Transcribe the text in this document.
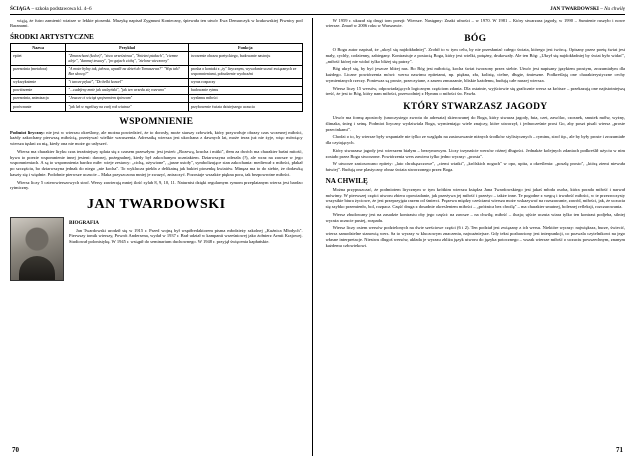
ŚCIĄGA – szkoła podstawowa kl. 4–6	JAN TWARDOWSKI – Na chwilę

wiąją, że futro zamienić wiatrze w lekkie piosenki. Muzykę napisał Zygmunt Konieczny, śpiewała ten utwór Ewa Demarczyk w krakowskiej Piwnicy pod Baranami.

ŚRODKI ARTYSTYCZNE
Nazwa	Przykład	Funkcja
epitet	"Zmarzchani (kolor)", "siwa wrześniowa", "Śnieżni ptakach", "ciemne aleje", "danmej tesuwy", "po gajach cichą", "zielone wieczorny"	tworzenie obrazu poetyckiego, budowanie nastroju
przenośnia (metafora)	"A może bylny tak, jałowa, wpadli na dzień do Tomaszewa?" "Wąs tak? Bez skową?"	prosba o kontakt z „ty" lirycznym, wywołanie uczuć związanych ze wspomnieniami, pobudzenie wyobraźni
wykrzyknienie	"i tarcze pękać", "Do belki koncel"	wyraz rozpaczy
powtórzenie	"...cudzfeny mnie jak walzyński", "jak ten wrzeda się rozewno"	budowanie rytmu
przenośnia, animizacja	"Jeszcze ci wiciąż spojrzeniem śpiewam"	wyzłamu miłości
porównanie	"jak lek w mgeliszy na zwój rok wiatraz"	przybowenie świata dzisiejszego uczucia
WSPOMNIENIE

Podmiot liryczny: nie jest w wierszu określony, ale można powiedzieć, że to dorosły, może starszy człowiek, który przywołuje obrazy czas wczesnej miłości, każdy zakochany pierwszą miłością, przeżywać wielkie wzruszenia. Adresatką wiersza jest ukochana z dawnych lat, może teraz już nie żyje, więc mówiący wiersza tęskni za nią, kiedy ona nie może go usłyszeć.

Wiersz ma charakter liryku czas teraźniejszy splata się z czasem przeszłym: jest jesień: „Rozewą, krucha i mitki", tłem za dwóch ma charakter baśni mitość, bywa to poezie wspomnienie innej jesieni: dawnej, pożegnalnej, kiedy był zakochanym uczniakiem. Dziarwszyna odeszła (?), ale wraz na zawsze w jego wspomnieniach. A są to wspomnienia bardzo miłe: wieje zestawy: „cichą, ożywione", „jasne ustoły", symbolizujące stan zakochania: mediewał z miłości, płakał po szczęściu, bo dziarwszyna jednak do niego „nie kocha". To wyklucza piekła z delikatną jak bukiet piosenkę kwiatów. Minęza ma to do siebie, że dodawką kaszty się i więdnie. Podobnie pierwsze uczucie – Maka przyszczona mniej je zwazyć, zniszczyć. Pozostaje wszakże piękna pora, tak bezpowrotne miłości.

Wiersz liczy 5 czterowierszowych strof. Wersy zawierają mniej ilość sylab 8, 9, 10, 11. Naturnist dzięki regularnym rymom przeplatanym wiersz jest bardzo rytmiczny.

JAN TWARDOWSKI
BIOGRAFIA

Jan Twardowski urodził się w 1915 r. Przed wojną był współredaktorem pisma młodzieży szkolnej „Kuźnica Młodych". Pierwszy tomik wierszy, Powrót Andersena, wydał w 1937 r. Brał udział w kampanii wrześniowej jako żołnierz Armii Krajowej. Studiował polonistykę. W 1945 r. wstąpił do seminarium duchownego. W 1948 r. przyjął święcenia kapłańskie.

70

W 1959 r. ukazał się drugi tom poezji: Wiersze. Następny: Znaki ufności – w 1970. W 1981 – Który stwarzasz jagody, w 1990 – Sumienie ruszyło i nowe wiersze. Zmarł w 2006 roku w Warszawie.

BÓG

O Bogu autor napisał, że „ukryl się najdokładniej". Zrobił to w tym celu, by nie przesłaniać całego świata, którego jest twórcą. Opisany przez poetę świat jest mały, cychły, codzienny, zabiegany. Kontrastuje z postacią Boga, który jest wielki, potężny, drukowały. Ale ten Bóg: „Ukrył się najdokładniej by świat było widać", „miłość której nie widać tylko bliżej się patrzy".

Bóg ukrył się, by być jeszcze bliżej nas. Bo Bóg jest miłością, kocha świat tworzony przez siebie. Utwór jest napisany językiem prostym, zrozumiałym dla każdego. Liczne powtórzenia mówi: wersu nawimu epitetami, np. piękna, zła, kolistę, cielne, długie, śmieszne. Podkreślają one charakterystyczne cechy wymienianych rzeczy. Poniewaz są proste, przeczytane, z zasem zmuszanie, bliskie każdemu, budują całe naszej wiersza.

Wiersz liczy 15 wersów, odpowiadających logicznym częściom zdania. Dla ostatnie, wyjściowie się graficznie wersz sa krótsze – przekazują one najistotniejszą treść, że jest to Bóg, który nam miłości, przewodniej z Hymnu o miłości św. Pawła.

KTÓRY STWARZASZ JAGODY

Utwór ma formę apostrofy (unoczystego zwrotu do adresata) skierowanej do Boga, który stwarza jagody, łuta, czet, zawólac, czosnek, smutek mółw, wyżny, ślimaka, śnieg i setnę. Podmiot liryczny wydziwiala Boga, wymieniając wiele znajczy, które utworzył, i jednocześnie prosi Go, aby poszt pisali wiersz „proste przecinkami".

Chodzi o to, by wiersze były wspaniałe nie tylko ze względu na zastosowanie niżnych środków stylistycznych – ryminu, strof itp., ale by były proste i zrozumiałe dla czytających.

Który stwarzasz jagody jest wierszem białym – bezrymowym. Liczy trzynaście wersów różnej długości. Jednakże kolejnych zdaniach podkreślił użyciu w nim zostało przez Boga stworzone. Powtórzenia wers zawiera tylko jedno wyrazy: „prosta".

W utworze zastosowano epitety: „lato chrabąszczowe", „ciemi wiatki", „królskich nogach" w opo, upita, a określenia: „poszlę prosto", „którą ziemi niewuła łatwiej". Budują one plastyczny obraz świata stworzonego przez Boga.

NA CHWILĘ

Można przypuszczać, że podmiotem lirycznym w tym krótkim wierszu księdza Jana Twardowskiego jest jakaś młoda osoba, która porada miłość i narwał mówimy. W pierwszej części utworu zbiera opowiadanie, jak przeżywa jej miłość i przeżyc – także inne. Te pogodne z wegrą i trwałość miłości, w te przezroczysty wszystkie biura życiowe, że jest przeprzyjęta razem od śmierci. Pręzewa między cześciami wiersza może wskazywać na rozszawanie, zawód, miłości, jak, że uczucia się szybko przemienło, bol, rozpacz. Część druga z dosadnie okresleniem miłości – „próżnica bez chwilę" – ma charakter smutnej, bolesnej refleksji, rozczarowania.

Wiersz zbudowany jest na zasadzie kontrastu oby jego części: na zawsze – na chwilę; miłość – iluzja; ujście uczuta wiara tylko ten kontrast podjeba, silniej wyraża uczucie pustej, rozpadu.

Wiersz liczy osiem wersów podzielonych na dwie sześciowe części (6 i 2). Ten podział jest związany z ich wersu. Niektóre wyrazy: największz, burze, świecić, wiersz samodzielne stanowią wers. Sa to wyrazy w kluczowym znaczeniu, najważniejsze. Gdy tekst pozbawiony jest interpunkcji, co pozwala czytelnikowi na jego własne interpretacje. Niestwu dlugoś wersów, układa je wyrazu zbliża język utworu do języka potocznego – wszak wiersze miłość o uczuciu powszechnym, znanym każdemu człowiekowi.

71
